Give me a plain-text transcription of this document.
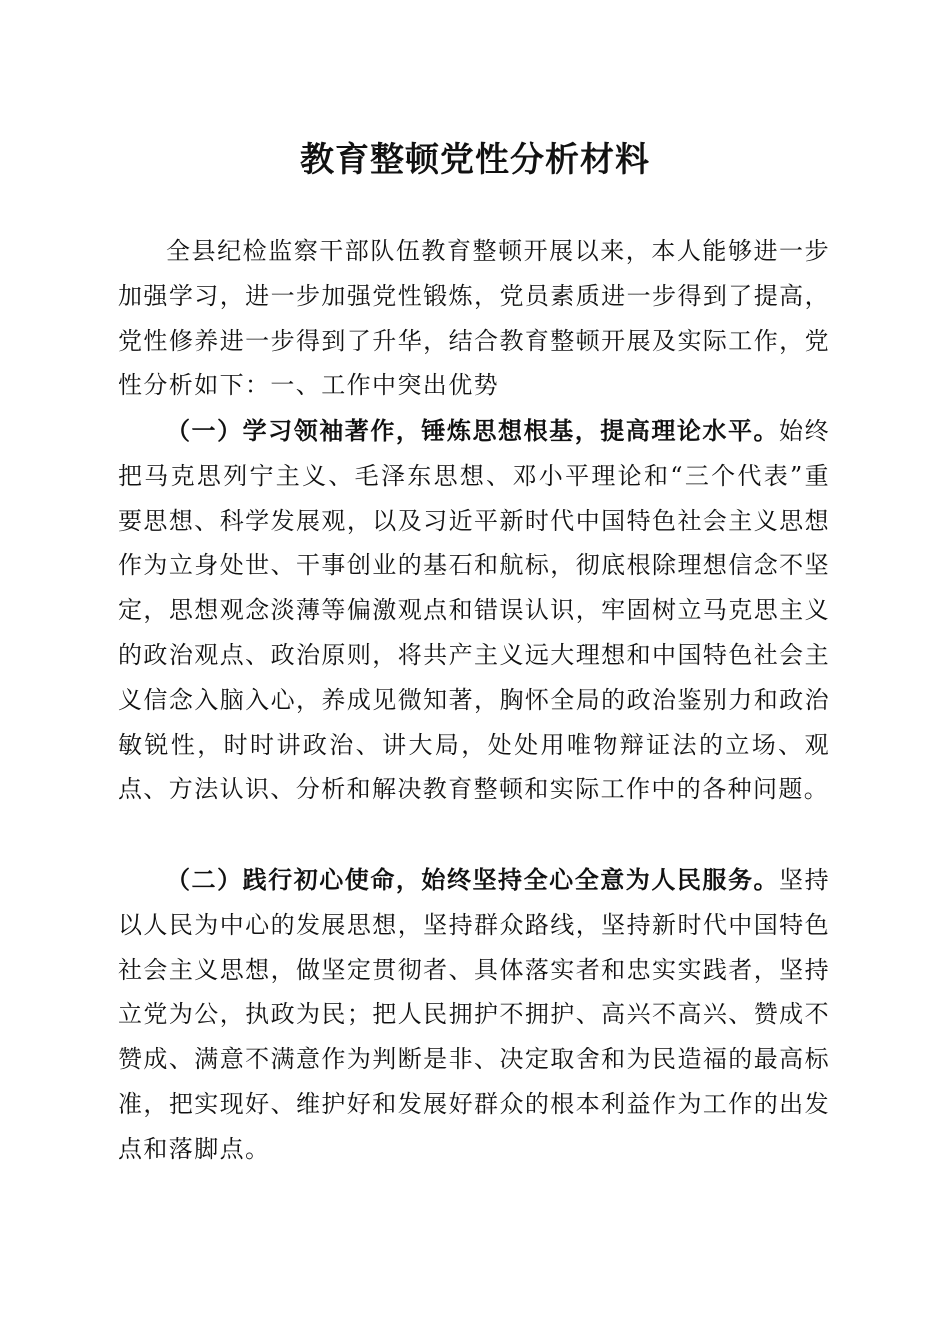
教育整顿党性分析材料

全县纪检监察干部队伍教育整顿开展以来，本人能够进一步加强学习，进一步加强党性锻炼，党员素质进一步得到了提高，党性修养进一步得到了升华，结合教育整顿开展及实际工作，党性分析如下：一、工作中突出优势

（一）学习领袖著作，锤炼思想根基，提高理论水平。始终把马克思列宁主义、毛泽东思想、邓小平理论和“三个代表”重要思想、科学发展观，以及习近平新时代中国特色社会主义思想作为立身处世、干事创业的基石和航标，彻底根除理想信念不坚定，思想观念淡薄等偏激观点和错误认识，牢固树立马克思主义的政治观点、政治原则，将共产主义远大理想和中国特色社会主义信念入脑入心，养成见微知著，胸怀全局的政治鉴别力和政治敏锐性，时时讲政治、讲大局，处处用唯物辩证法的立场、观点、方法认识、分析和解决教育整顿和实际工作中的各种问题。

（二）践行初心使命，始终坚持全心全意为人民服务。坚持以人民为中心的发展思想，坚持群众路线，坚持新时代中国特色社会主义思想，做坚定贯彻者、具体落实者和忠实实践者，坚持立党为公，执政为民；把人民拥护不拥护、高兴不高兴、赞成不赞成、满意不满意作为判断是非、决定取舍和为民造福的最高标准，把实现好、维护好和发展好群众的根本利益作为工作的出发点和落脚点。
